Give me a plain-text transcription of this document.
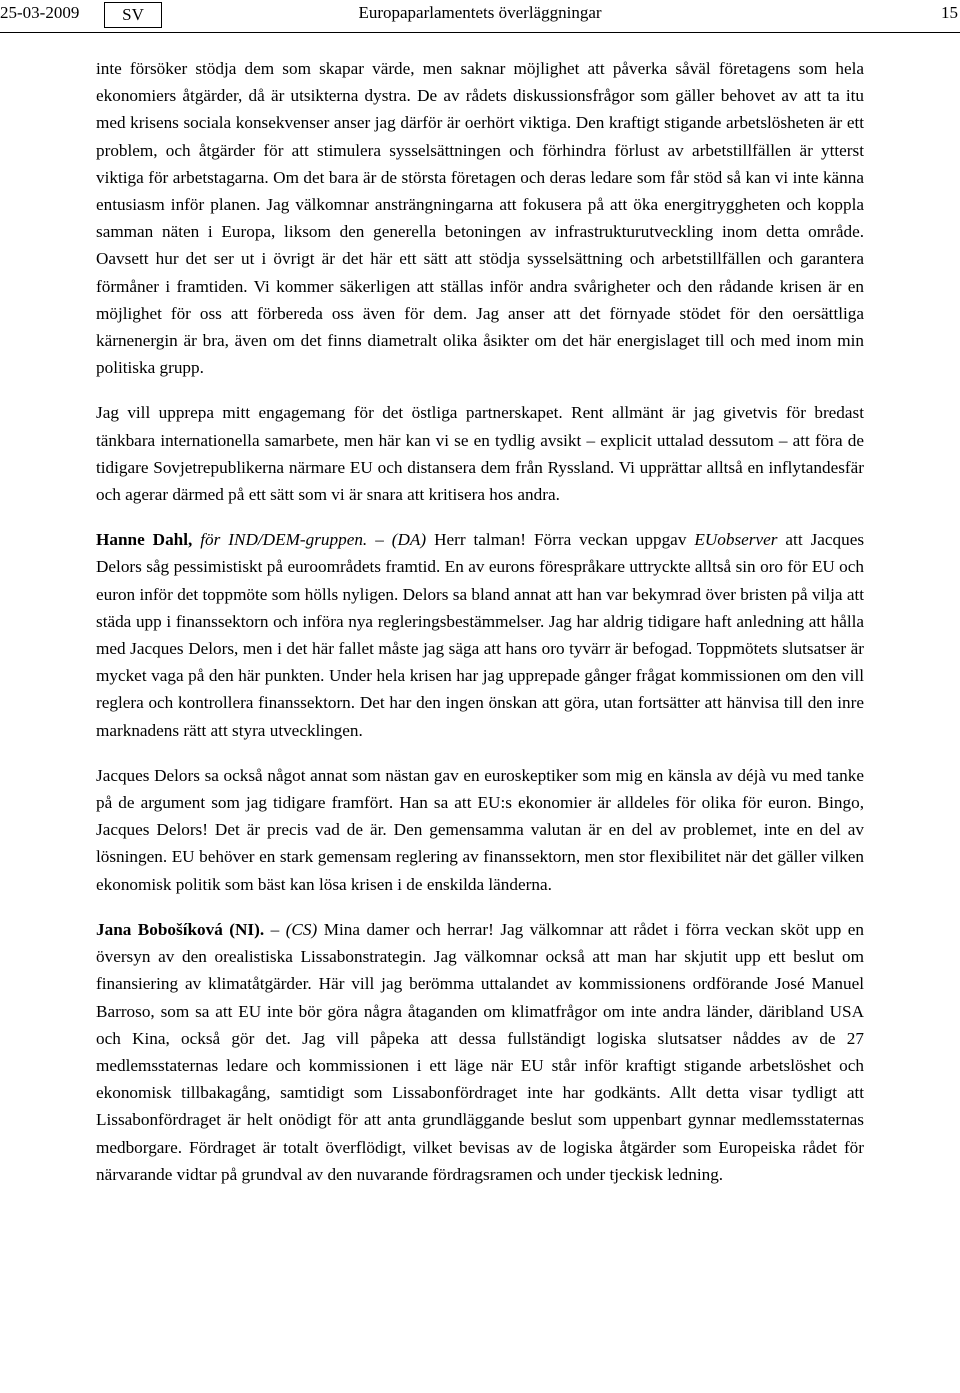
25-03-2009	SV	Europaparlamentets överläggningar	15

inte försöker stödja dem som skapar värde, men saknar möjlighet att påverka såväl företagens som hela ekonomiers åtgärder, då är utsikterna dystra. De av rådets diskussionsfrågor som gäller behovet av att ta itu med krisens sociala konsekvenser anser jag därför är oerhört viktiga. Den kraftigt stigande arbetslösheten är ett problem, och åtgärder för att stimulera sysselsättningen och förhindra förlust av arbetstillfällen är ytterst viktiga för arbetstagarna. Om det bara är de största företagen och deras ledare som får stöd så kan vi inte känna entusiasm inför planen. Jag välkomnar ansträngningarna att fokusera på att öka energitryggheten och koppla samman näten i Europa, liksom den generella betoningen av infrastrukturutveckling inom detta område. Oavsett hur det ser ut i övrigt är det här ett sätt att stödja sysselsättning och arbetstillfällen och garantera förmåner i framtiden. Vi kommer säkerligen att ställas inför andra svårigheter och den rådande krisen är en möjlighet för oss att förbereda oss även för dem. Jag anser att det förnyade stödet för den oersättliga kärnenergin är bra, även om det finns diametralt olika åsikter om det här energislaget till och med inom min politiska grupp.

Jag vill upprepa mitt engagemang för det östliga partnerskapet. Rent allmänt är jag givetvis för bredast tänkbara internationella samarbete, men här kan vi se en tydlig avsikt – explicit uttalad dessutom – att föra de tidigare Sovjetrepublikerna närmare EU och distansera dem från Ryssland. Vi upprättar alltså en inflytandesfär och agerar därmed på ett sätt som vi är snara att kritisera hos andra.

Hanne Dahl, för IND/DEM-gruppen. – (DA) Herr talman! Förra veckan uppgav EUobserver att Jacques Delors såg pessimistiskt på euroområdets framtid. En av eurons förespråkare uttryckte alltså sin oro för EU och euron inför det toppmöte som hölls nyligen. Delors sa bland annat att han var bekymrad över bristen på vilja att städa upp i finanssektorn och införa nya regleringsbestämmelser. Jag har aldrig tidigare haft anledning att hålla med Jacques Delors, men i det här fallet måste jag säga att hans oro tyvärr är befogad. Toppmötets slutsatser är mycket vaga på den här punkten. Under hela krisen har jag upprepade gånger frågat kommissionen om den vill reglera och kontrollera finanssektorn. Det har den ingen önskan att göra, utan fortsätter att hänvisa till den inre marknadens rätt att styra utvecklingen.

Jacques Delors sa också något annat som nästan gav en euroskeptiker som mig en känsla av déjà vu med tanke på de argument som jag tidigare framfört. Han sa att EU:s ekonomier är alldeles för olika för euron. Bingo, Jacques Delors! Det är precis vad de är. Den gemensamma valutan är en del av problemet, inte en del av lösningen. EU behöver en stark gemensam reglering av finanssektorn, men stor flexibilitet när det gäller vilken ekonomisk politik som bäst kan lösa krisen i de enskilda länderna.

Jana Bobošíková (NI). – (CS) Mina damer och herrar! Jag välkomnar att rådet i förra veckan sköt upp en översyn av den orealistiska Lissabonstrategin. Jag välkomnar också att man har skjutit upp ett beslut om finansiering av klimatåtgärder. Här vill jag berömma uttalandet av kommissionens ordförande José Manuel Barroso, som sa att EU inte bör göra några åtaganden om klimatfrågor om inte andra länder, däribland USA och Kina, också gör det. Jag vill påpeka att dessa fullständigt logiska slutsatser nåddes av de 27 medlemsstaternas ledare och kommissionen i ett läge när EU står inför kraftigt stigande arbetslöshet och ekonomisk tillbakagång, samtidigt som Lissabonfördraget inte har godkänts. Allt detta visar tydligt att Lissabonfördraget är helt onödigt för att anta grundläggande beslut som uppenbart gynnar medlemsstaternas medborgare. Fördraget är totalt överflödigt, vilket bevisas av de logiska åtgärder som Europeiska rådet för närvarande vidtar på grundval av den nuvarande fördragsramen och under tjeckisk ledning.
